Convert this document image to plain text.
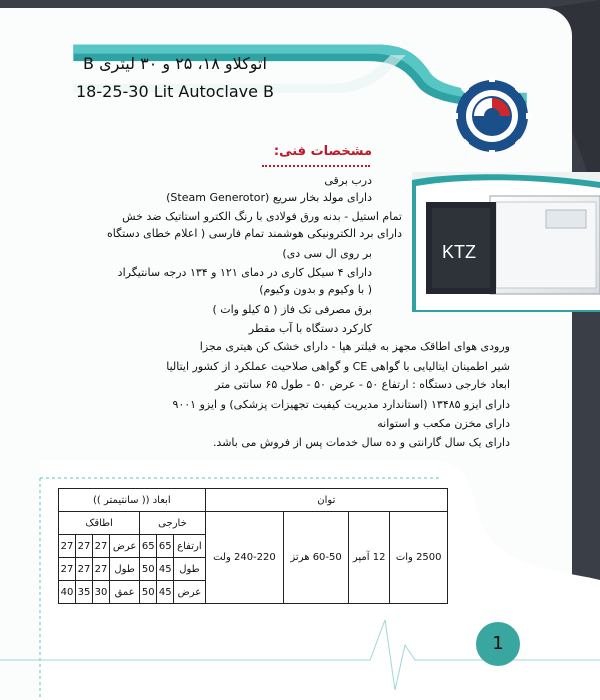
اتوکلاو ۱۸، ۲۵ و ۳۰ لیتری B
18-25-30 Lit Autoclave B
مشخصات فنی:
درب برقی
دارای مولد بخار سریع (Steam Generotor)
تمام استیل - بدنه ورق فولادی با رنگ الکترو استاتیک ضد خش
دارای برد الکترونیکی هوشمند تمام فارسی ( اعلام خطای دستگاه
بر روی ال سی دی)
دارای ۴ سیکل کاری در دمای ۱۲۱ و ۱۳۴ درجه سانتیگراد
( با وکیوم و بدون وکیوم)
برق مصرفی تک فاز ( ۵ کیلو وات )
کارکرد دستگاه با آب مقطر
ورودی هوای اطاقک مجهز به فیلتر هپا - دارای خشک کن هیتری مجزا
شیر اطمینان ایتالیایی با گواهی CE و گواهی صلاحیت عملکرد از کشور ایتالیا
ابعاد خارجی دستگاه : ارتفاع ۵۰ - عرض ۵۰ - طول ۶۵ سانتی متر
دارای ایزو ۱۳۴۸۵ (استاندارد مدیریت کیفیت تجهیزات پزشکی) و ایزو ۹۰۰۱
دارای مخزن مکعب و استوانه
دارای یک سال گارانتی و ده سال خدمات پس از فروش می باشد.
KTZ
توان				ابعاد (( سانتیمتر ))						
2500 وات	12 آمپر	60-50 هرتز	240-220 ولت	خارجی			اطاقک			
				ارتفاع	65	65	عرض	27	27	27
				طول	45	50	طول	27	27	27
				عرض	45	50	عمق	30	35	40
1
